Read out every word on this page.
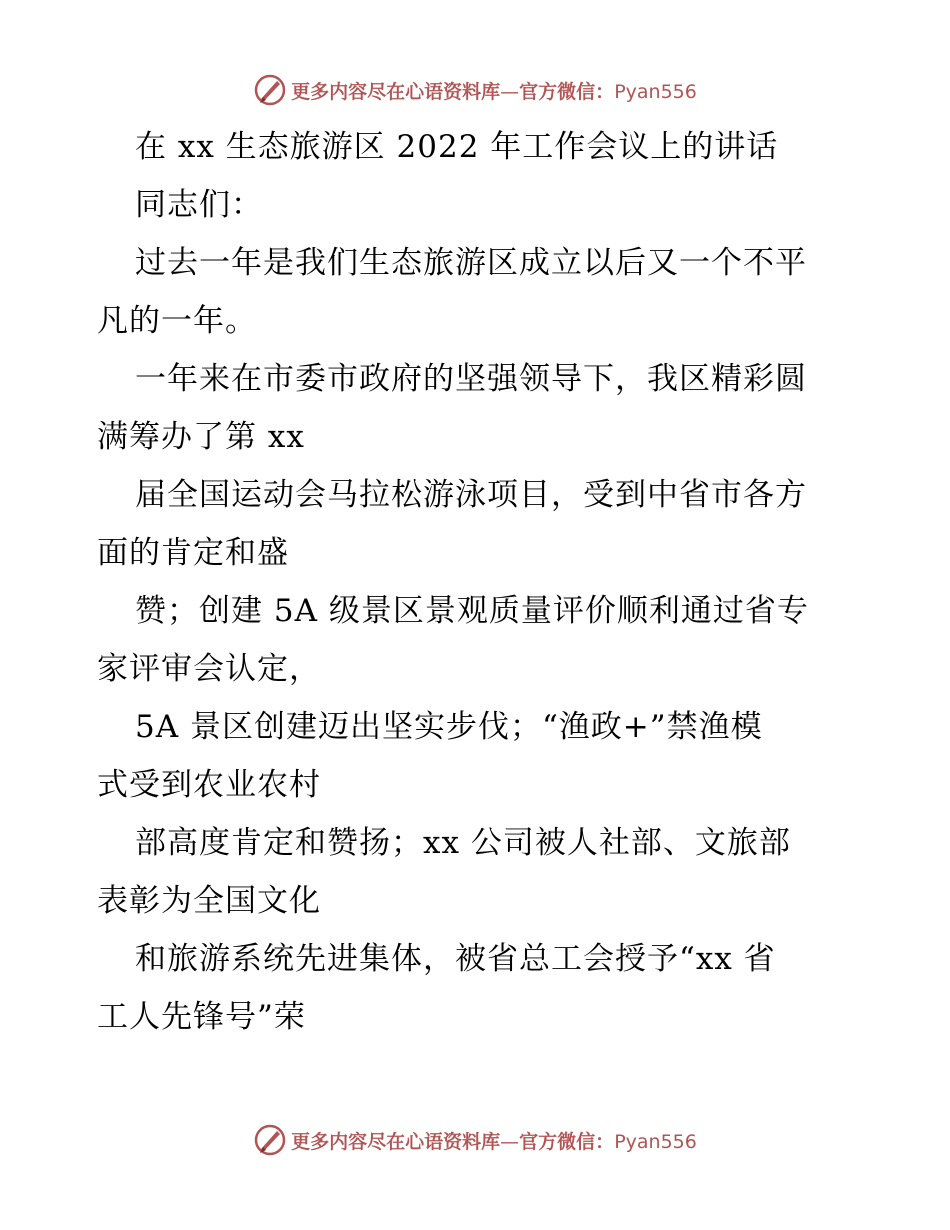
更多内容尽在心语资料库—官方微信：Pyan556
在 xx 生态旅游区 2022 年工作会议上的讲话
同志们：
过去一年是我们生态旅游区成立以后又一个不平
凡的一年。
一年来在市委市政府的坚强领导下，我区精彩圆
满筹办了第 xx
届全国运动会马拉松游泳项目，受到中省市各方
面的肯定和盛
赞；创建 5A 级景区景观质量评价顺利通过省专
家评审会认定，
5A 景区创建迈出坚实步伐；“渔政+”禁渔模
式受到农业农村
部高度肯定和赞扬；xx 公司被人社部、文旅部
表彰为全国文化
和旅游系统先进集体，被省总工会授予“xx 省
工人先锋号”荣
更多内容尽在心语资料库—官方微信：Pyan556
